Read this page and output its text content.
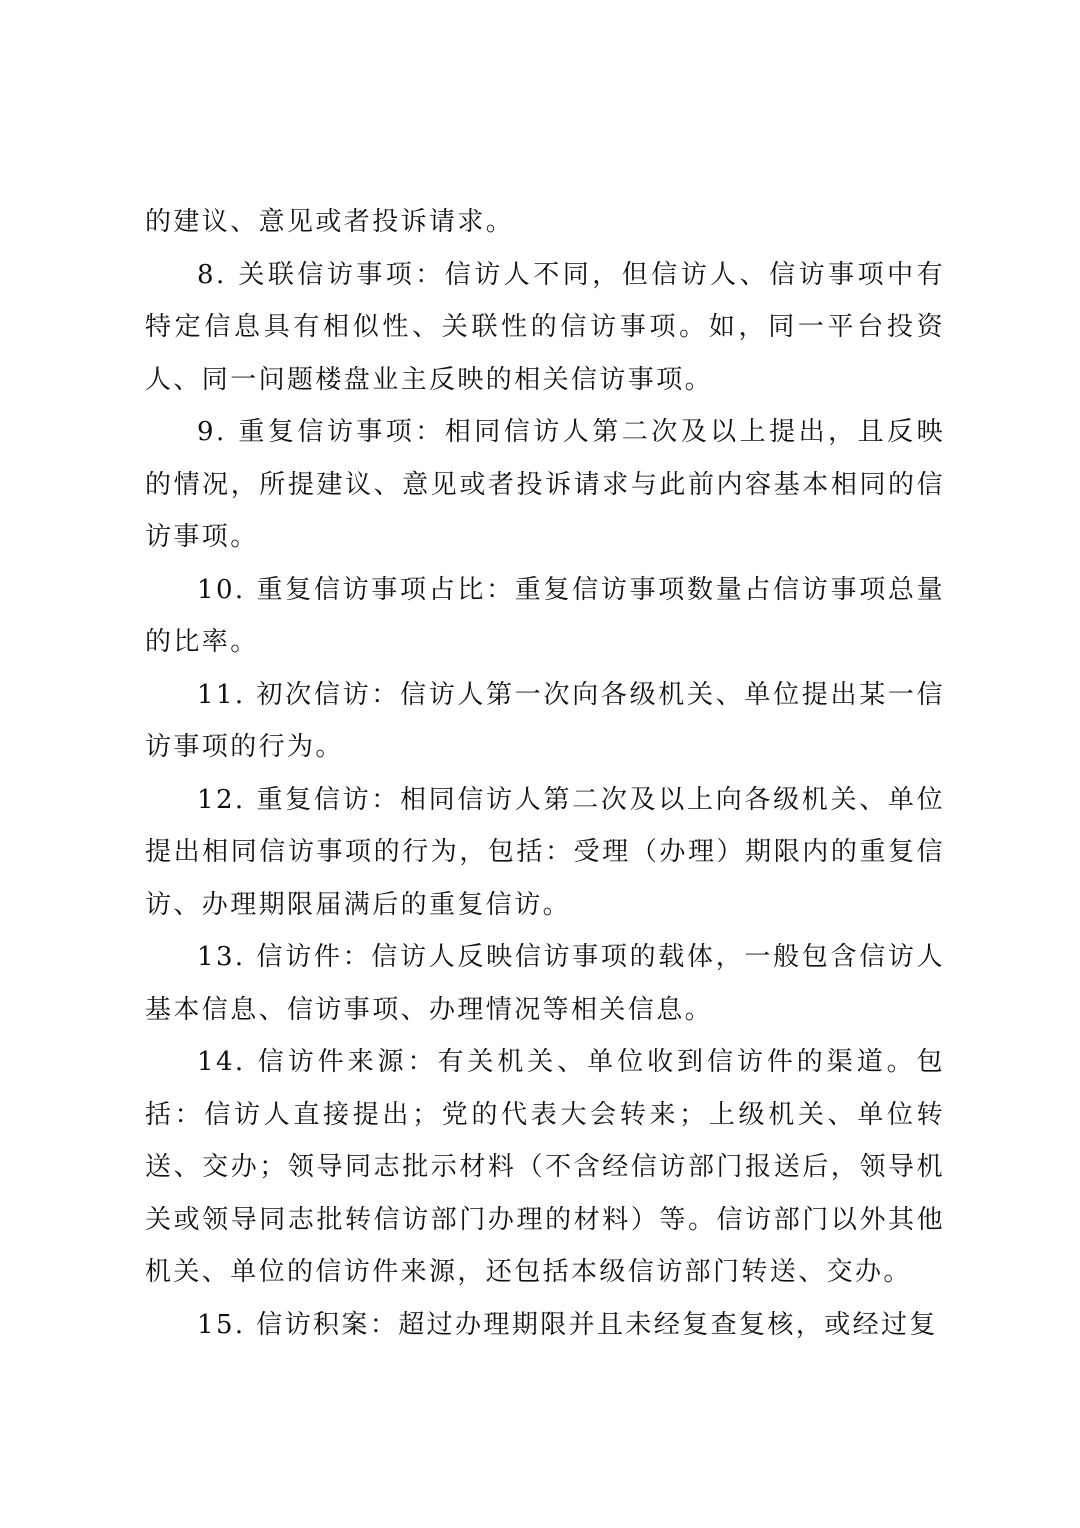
的建议、意见或者投诉请求。

8. 关联信访事项：信访人不同，但信访人、信访事项中有特定信息具有相似性、关联性的信访事项。如，同一平台投资人、同一问题楼盘业主反映的相关信访事项。

9. 重复信访事项：相同信访人第二次及以上提出，且反映的情况，所提建议、意见或者投诉请求与此前内容基本相同的信访事项。

10. 重复信访事项占比：重复信访事项数量占信访事项总量的比率。

11. 初次信访：信访人第一次向各级机关、单位提出某一信访事项的行为。

12. 重复信访：相同信访人第二次及以上向各级机关、单位提出相同信访事项的行为，包括：受理（办理）期限内的重复信访、办理期限届满后的重复信访。

13. 信访件：信访人反映信访事项的载体，一般包含信访人基本信息、信访事项、办理情况等相关信息。

14. 信访件来源：有关机关、单位收到信访件的渠道。包括：信访人直接提出；党的代表大会转来；上级机关、单位转送、交办；领导同志批示材料（不含经信访部门报送后，领导机关或领导同志批转信访部门办理的材料）等。信访部门以外其他机关、单位的信访件来源，还包括本级信访部门转送、交办。

15. 信访积案：超过办理期限并且未经复查复核，或经过复
